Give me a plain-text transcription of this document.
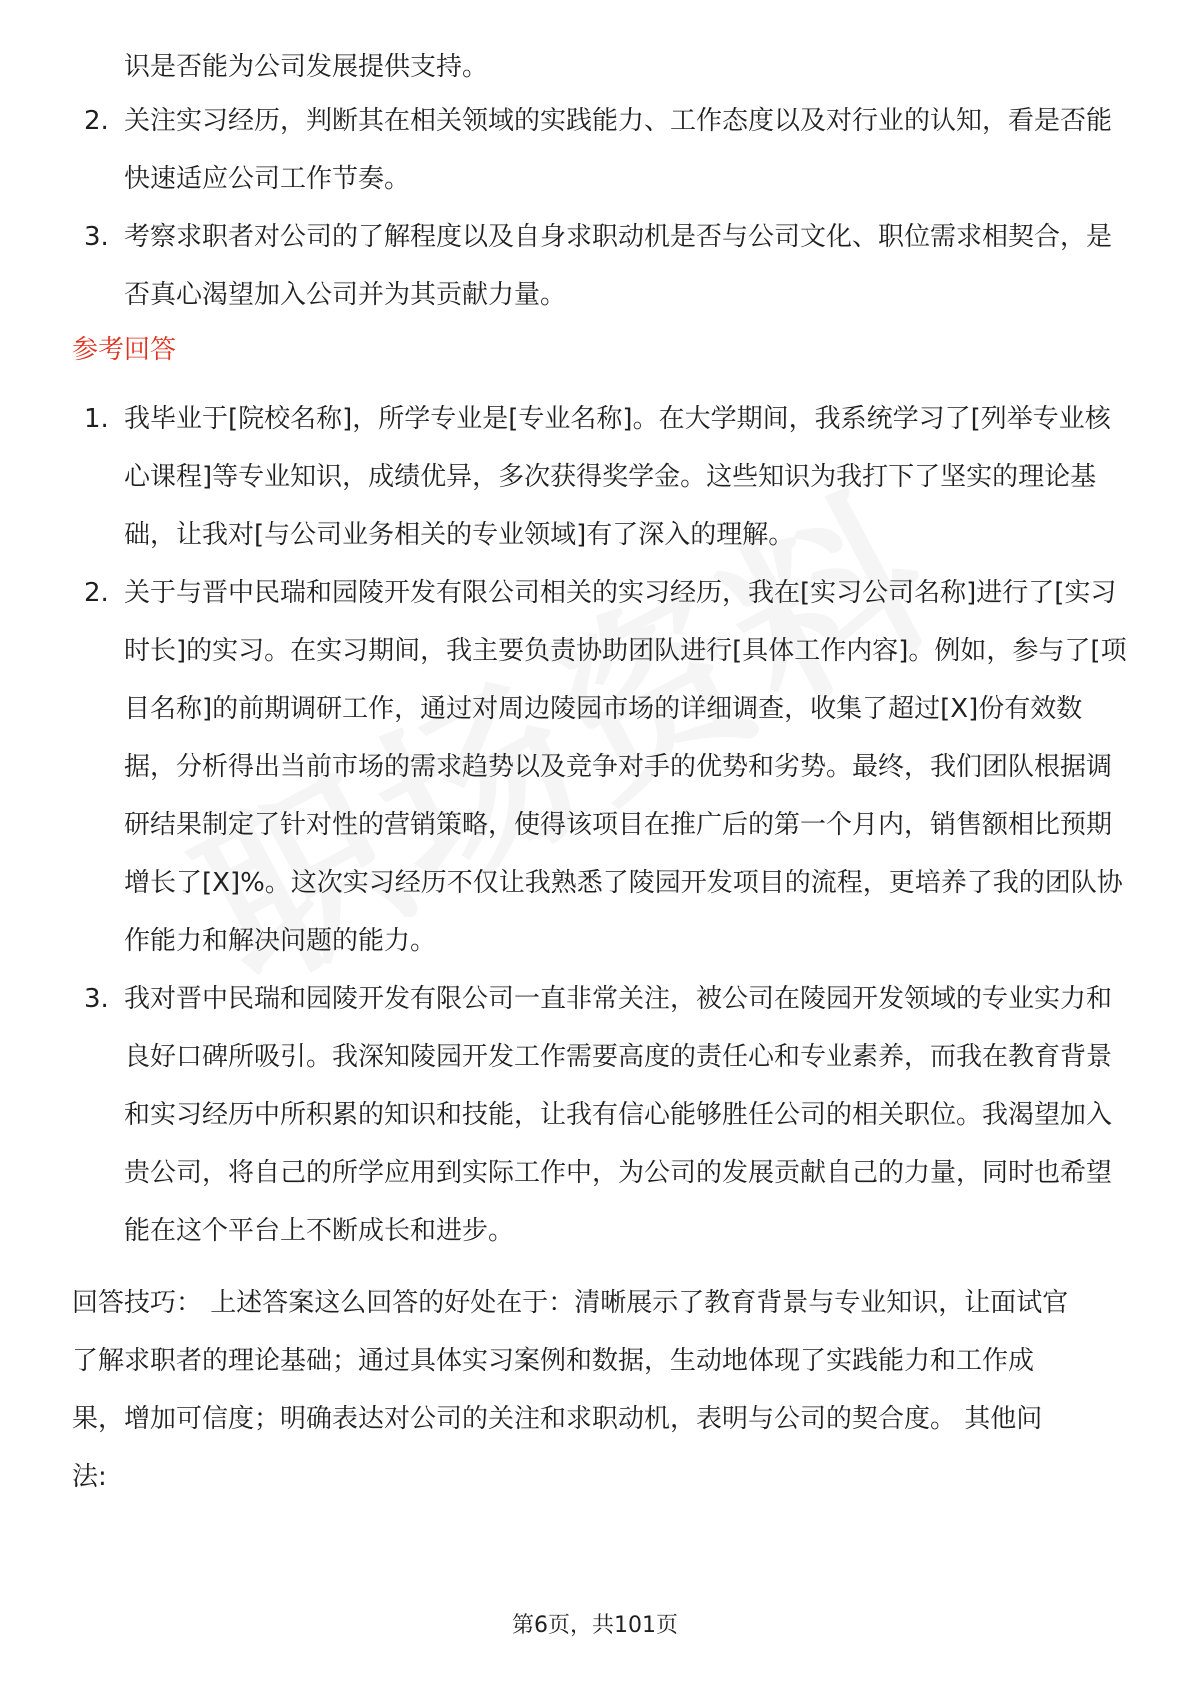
识是否能为公司发展提供支持。
2. 关注实习经历，判断其在相关领域的实践能力、工作态度以及对行业的认知，看是否能快速适应公司工作节奏。
3. 考察求职者对公司的了解程度以及自身求职动机是否与公司文化、职位需求相契合，是否真心渴望加入公司并为其贡献力量。
参考回答
1. 我毕业于[院校名称]，所学专业是[专业名称]。在大学期间，我系统学习了[列举专业核心课程]等专业知识，成绩优异，多次获得奖学金。这些知识为我打下了坚实的理论基础，让我对[与公司业务相关的专业领域]有了深入的理解。
2. 关于与晋中民瑞和园陵开发有限公司相关的实习经历，我在[实习公司名称]进行了[实习时长]的实习。在实习期间，我主要负责协助团队进行[具体工作内容]。例如，参与了[项目名称]的前期调研工作，通过对周边陵园市场的详细调查，收集了超过[X]份有效数据，分析得出当前市场的需求趋势以及竞争对手的优势和劣势。最终，我们团队根据调研结果制定了针对性的营销策略，使得该项目在推广后的第一个月内，销售额相比预期增长了[X]%。这次实习经历不仅让我熟悉了陵园开发项目的流程，更培养了我的团队协作能力和解决问题的能力。
3. 我对晋中民瑞和园陵开发有限公司一直非常关注，被公司在陵园开发领域的专业实力和良好口碑所吸引。我深知陵园开发工作需要高度的责任心和专业素养，而我在教育背景和实习经历中所积累的知识和技能，让我有信心能够胜任公司的相关职位。我渴望加入贵公司，将自己的所学应用到实际工作中，为公司的发展贡献自己的力量，同时也希望能在这个平台上不断成长和进步。
回答技巧： 上述答案这么回答的好处在于：清晰展示了教育背景与专业知识，让面试官了解求职者的理论基础；通过具体实习案例和数据，生动地体现了实践能力和工作成果，增加可信度；明确表达对公司的关注和求职动机，表明与公司的契合度。 其他问法:
第6页，共101页
